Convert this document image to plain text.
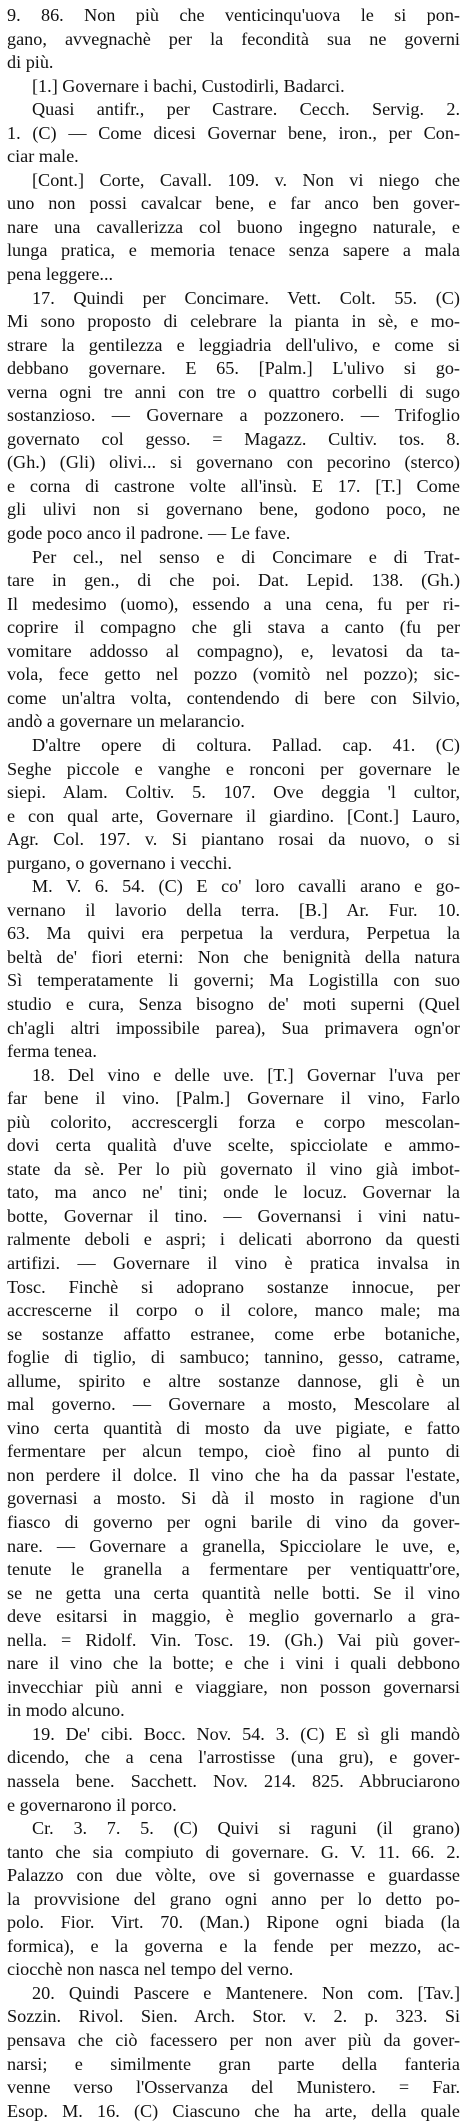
9. 86. Non più che venticinqu'uova le si pon-
gano, avvegnachè per la fecondità sua ne governi
di più.
[1.] Governare i bachi, Custodirli, Badarci.
Quasi antifr., per Castrare. Cecch. Servig. 2.
1. (C) — Come dicesi Governar bene, iron., per Con-
ciar male.
[Cont.] Corte, Cavall. 109. v. Non vi niego che
uno non possi cavalcar bene, e far anco ben gover-
nare una cavallerizza col buono ingegno naturale, e
lunga pratica, e memoria tenace senza sapere a mala
pena leggere...
17. Quindi per Concimare. Vett. Colt. 55. (C)
Mi sono proposto di celebrare la pianta in sè, e mo-
strare la gentilezza e leggiadria dell'ulivo, e come si
debbano governare. E 65. [Palm.] L'ulivo si go-
verna ogni tre anni con tre o quattro corbelli di sugo
sostanzioso. — Governare a pozzonero. — Trifoglio
governato col gesso. = Magazz. Cultiv. tos. 8.
(Gh.) (Gli) olivi... si governano con pecorino (sterco)
e corna di castrone volte all'insù. E 17. [T.] Come
gli ulivi non si governano bene, godono poco, ne
gode poco anco il padrone. — Le fave.
Per cel., nel senso e di Concimare e di Trat-
tare in gen., di che poi. Dat. Lepid. 138. (Gh.)
Il medesimo (uomo), essendo a una cena, fu per ri-
coprire il compagno che gli stava a canto (fu per
vomitare addosso al compagno), e, levatosi da ta-
vola, fece getto nel pozzo (vomitò nel pozzo); sic-
come un'altra volta, contendendo di bere con Silvio,
andò a governare un melarancio.
D'altre opere di coltura. Pallad. cap. 41. (C)
Seghe piccole e vanghe e ronconi per governare le
siepi. Alam. Coltiv. 5. 107. Ove deggia 'l cultor,
e con qual arte, Governare il giardino. [Cont.] Lauro,
Agr. Col. 197. v. Si piantano rosai da nuovo, o si
purgano, o governano i vecchi.
M. V. 6. 54. (C) E co' loro cavalli arano e go-
vernano il lavorio della terra. [B.] Ar. Fur. 10.
63. Ma quivi era perpetua la verdura, Perpetua la
beltà de' fiori eterni: Non che benignità della natura
Sì temperatamente li governi; Ma Logistilla con suo
studio e cura, Senza bisogno de' moti superni (Quel
ch'agli altri impossibile parea), Sua primavera ogn'or
ferma tenea.
18. Del vino e delle uve. [T.] Governar l'uva per
far bene il vino. [Palm.] Governare il vino, Farlo
più colorito, accrescergli forza e corpo mescolan-
dovi certa qualità d'uve scelte, spicciolate e ammo-
state da sè. Per lo più governato il vino già imbot-
tato, ma anco ne' tini; onde le locuz. Governar la
botte, Governar il tino. — Governansi i vini natu-
ralmente deboli e aspri; i delicati aborrono da questi
artifizi. — Governare il vino è pratica invalsa in
Tosc. Finchè si adoprano sostanze innocue, per
accrescerne il corpo o il colore, manco male; ma
se sostanze affatto estranee, come erbe botaniche,
foglie di tiglio, di sambuco; tannino, gesso, catrame,
allume, spirito e altre sostanze dannose, gli è un
mal governo. — Governare a mosto, Mescolare al
vino certa quantità di mosto da uve pigiate, e fatto
fermentare per alcun tempo, cioè fino al punto di
non perdere il dolce. Il vino che ha da passar l'estate,
governasi a mosto. Si dà il mosto in ragione d'un
fiasco di governo per ogni barile di vino da gover-
nare. — Governare a granella, Spicciolare le uve, e,
tenute le granella a fermentare per ventiquattr'ore,
se ne getta una certa quantità nelle botti. Se il vino
deve esitarsi in maggio, è meglio governarlo a gra-
nella. = Ridolf. Vin. Tosc. 19. (Gh.) Vai più gover-
nare il vino che la botte; e che i vini i quali debbono
invecchiar più anni e viaggiare, non posson governarsi
in modo alcuno.
19. De' cibi. Bocc. Nov. 54. 3. (C) E sì gli mandò
dicendo, che a cena l'arrostisse (una gru), e gover-
nassela bene. Sacchett. Nov. 214. 825. Abbruciarono
e governarono il porco.
Cr. 3. 7. 5. (C) Quivi si raguni (il grano)
tanto che sia compiuto di governare. G. V. 11. 66. 2.
Palazzo con due vòlte, ove si governasse e guardasse
la provvisione del grano ogni anno per lo detto po-
polo. Fior. Virt. 70. (Man.) Ripone ogni biada (la
formica), e la governa e la fende per mezzo, ac-
ciocchè non nasca nel tempo del verno.
20. Quindi Pascere e Mantenere. Non com. [Tav.]
Sozzin. Rivol. Sien. Arch. Stor. v. 2. p. 323. Si
pensava che ciò facessero per non aver più da gover-
narsi; e similmente gran parte della fanteria
venne verso l'Osservanza del Munistero. = Far.
Esop. M. 16. (C) Ciascuno che ha arte, della quale
